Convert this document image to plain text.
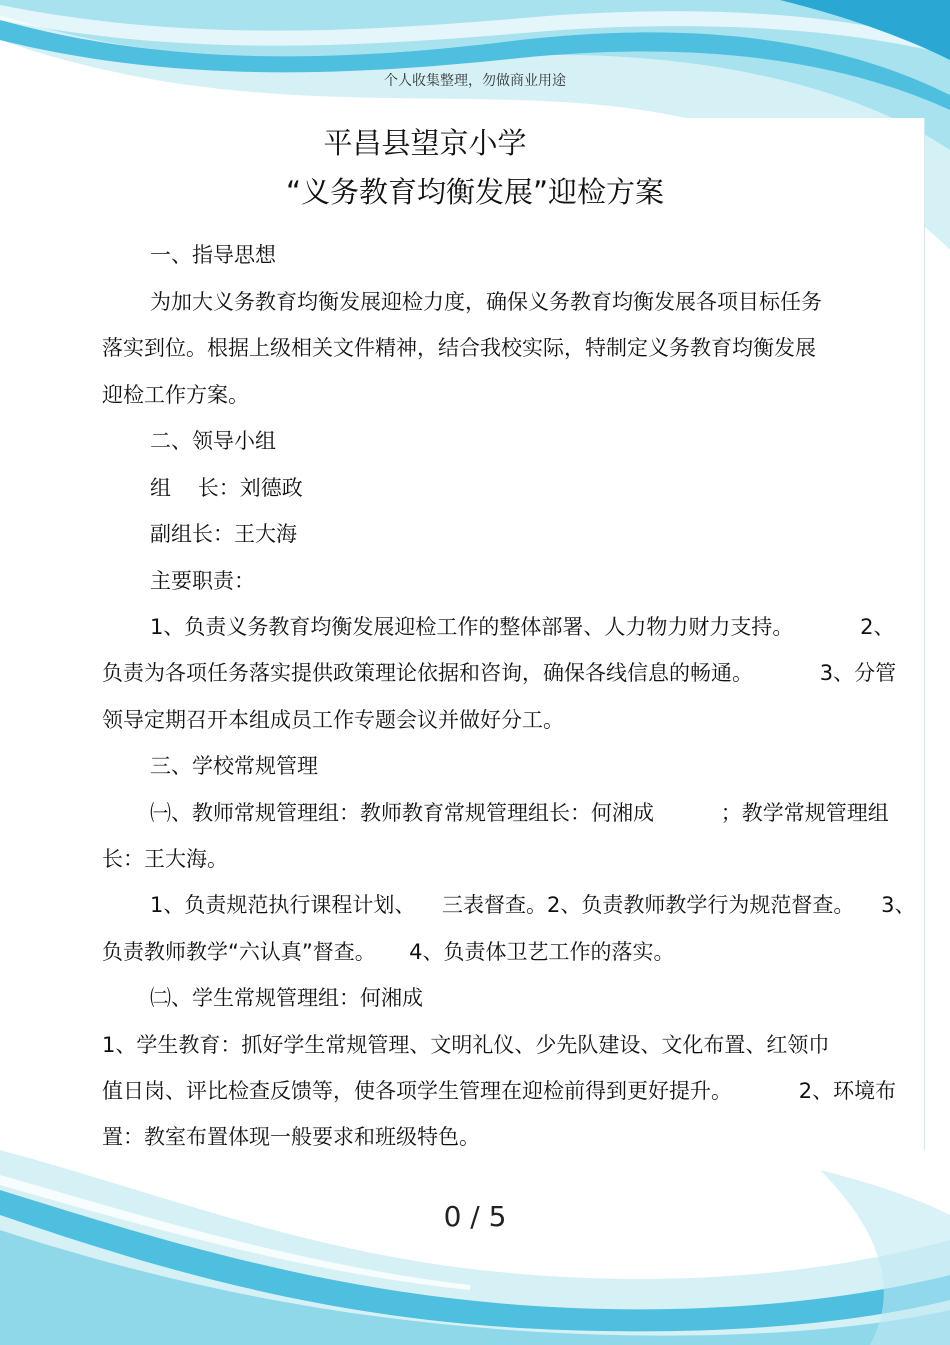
个人收集整理，勿做商业用途
平昌县望京小学
“义务教育均衡发展”迎检方案
一、指导思想
为加大义务教育均衡发展迎检力度，确保义务教育均衡发展各项目标任务
落实到位。根据上级相关文件精神，结合我校实际，特制定义务教育均衡发展
迎检工作方案。
二、领导小组
组    长：刘德政
副组长：王大海
主要职责：
1、负责义务教育均衡发展迎检工作的整体部署、人力物力财力支持。          2、
负责为各项任务落实提供政策理论依据和咨询，确保各线信息的畅通。          3、分管
领导定期召开本组成员工作专题会议并做好分工。
三、学校常规管理
㈠、教师常规管理组：教师教育常规管理组长：何湘成          ；教学常规管理组
长：王大海。
1、负责规范执行课程计划、    三表督查。2、负责教师教学行为规范督查。    3、
负责教师教学“六认真”督查。     4、负责体卫艺工作的落实。
㈡、学生常规管理组：何湘成
1、学生教育：抓好学生常规管理、文明礼仪、少先队建设、文化布置、红领巾
值日岗、评比检查反馈等，使各项学生管理在迎检前得到更好提升。          2、环境布
置：教室布置体现一般要求和班级特色。
0 / 5
